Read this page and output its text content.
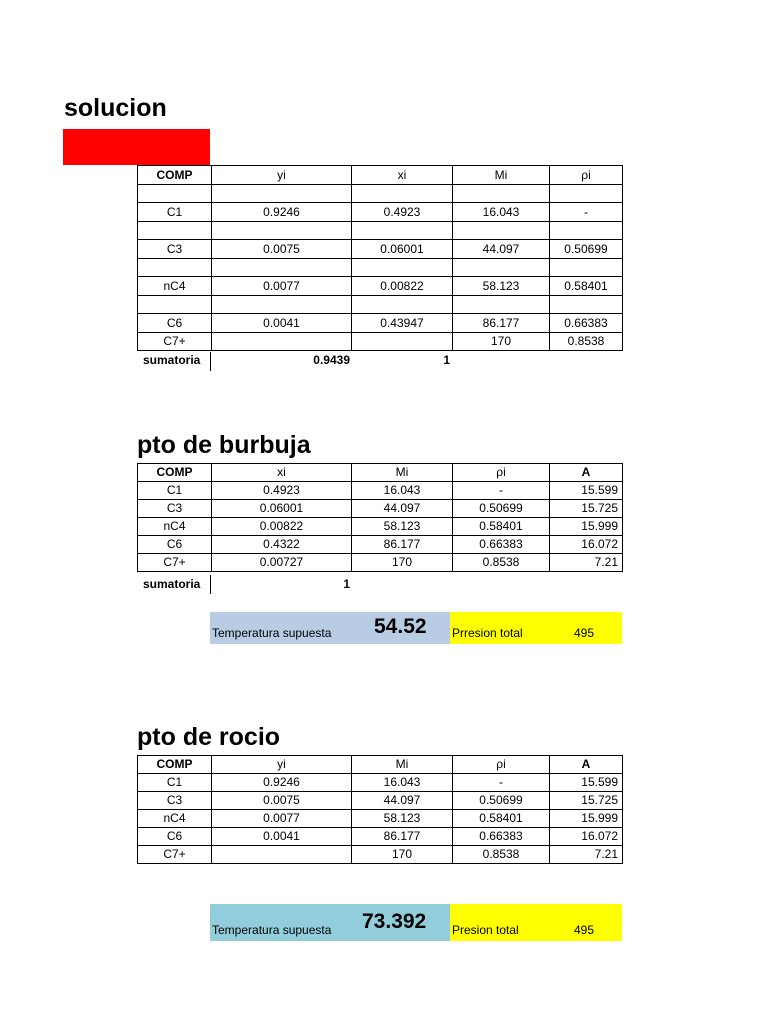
solucion
COMP	yi	xi	Mi	ρi

C1	0.9246	0.4923	16.043	-

C3	0.0075	0.06001	44.097	0.50699

nC4	0.0077	0.00822	58.123	0.58401

C6	0.0041	0.43947	86.177	0.66383
C7+			170	0.8538
sumatoria	0.9439	1
pto de burbuja
COMP	xi	Mi	ρi	A
C1	0.4923	16.043	-	15.599
C3	0.06001	44.097	0.50699	15.725
nC4	0.00822	58.123	0.58401	15.999
C6	0.4322	86.177	0.66383	16.072
C7+	0.00727	170	0.8538	7.21
sumatoria	1
Temperatura supuesta 54.52 Prresion total	495
pto de rocio
COMP	yi	Mi	ρi	A
C1	0.9246	16.043	-	15.599
C3	0.0075	44.097	0.50699	15.725
nC4	0.0077	58.123	0.58401	15.999
C6	0.0041	86.177	0.66383	16.072
C7+		170	0.8538	7.21
Temperatura supuesta 73.392 Presion total	495
